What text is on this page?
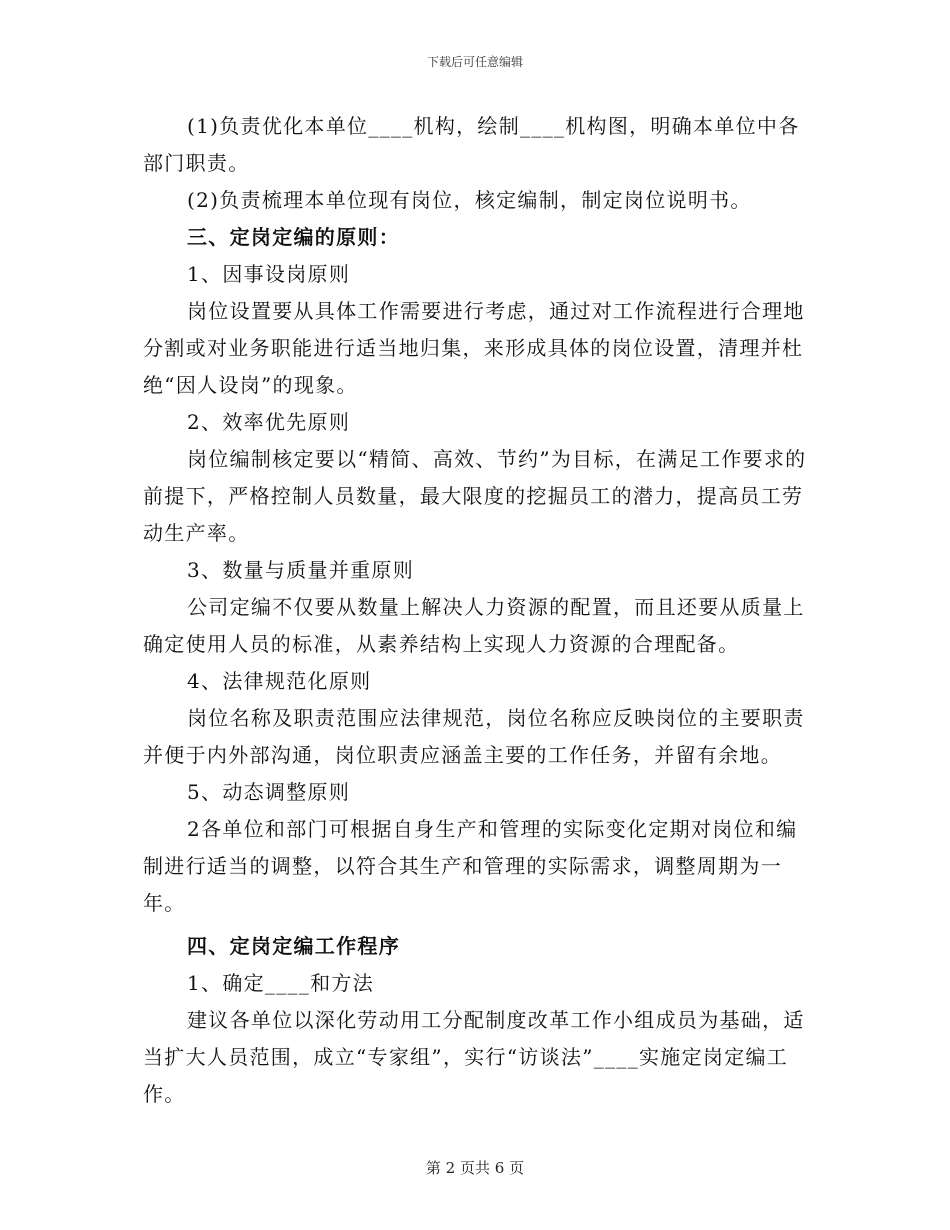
下载后可任意编辑

(1)负责优化本单位____机构，绘制____机构图，明确本单位中各部门职责。

(2)负责梳理本单位现有岗位，核定编制，制定岗位说明书。

三、定岗定编的原则：

1、因事设岗原则

岗位设置要从具体工作需要进行考虑，通过对工作流程进行合理地分割或对业务职能进行适当地归集，来形成具体的岗位设置，清理并杜绝“因人设岗”的现象。

2、效率优先原则

岗位编制核定要以“精简、高效、节约”为目标，在满足工作要求的前提下，严格控制人员数量，最大限度的挖掘员工的潜力，提高员工劳动生产率。

3、数量与质量并重原则

公司定编不仅要从数量上解决人力资源的配置，而且还要从质量上确定使用人员的标准，从素养结构上实现人力资源的合理配备。

4、法律规范化原则

岗位名称及职责范围应法律规范，岗位名称应反映岗位的主要职责并便于内外部沟通，岗位职责应涵盖主要的工作任务，并留有余地。

5、动态调整原则

2各单位和部门可根据自身生产和管理的实际变化定期对岗位和编制进行适当的调整，以符合其生产和管理的实际需求，调整周期为一年。

四、定岗定编工作程序

1、确定____和方法

建议各单位以深化劳动用工分配制度改革工作小组成员为基础，适当扩大人员范围，成立“专家组”，实行“访谈法”____实施定岗定编工作。

第 2 页共 6 页
